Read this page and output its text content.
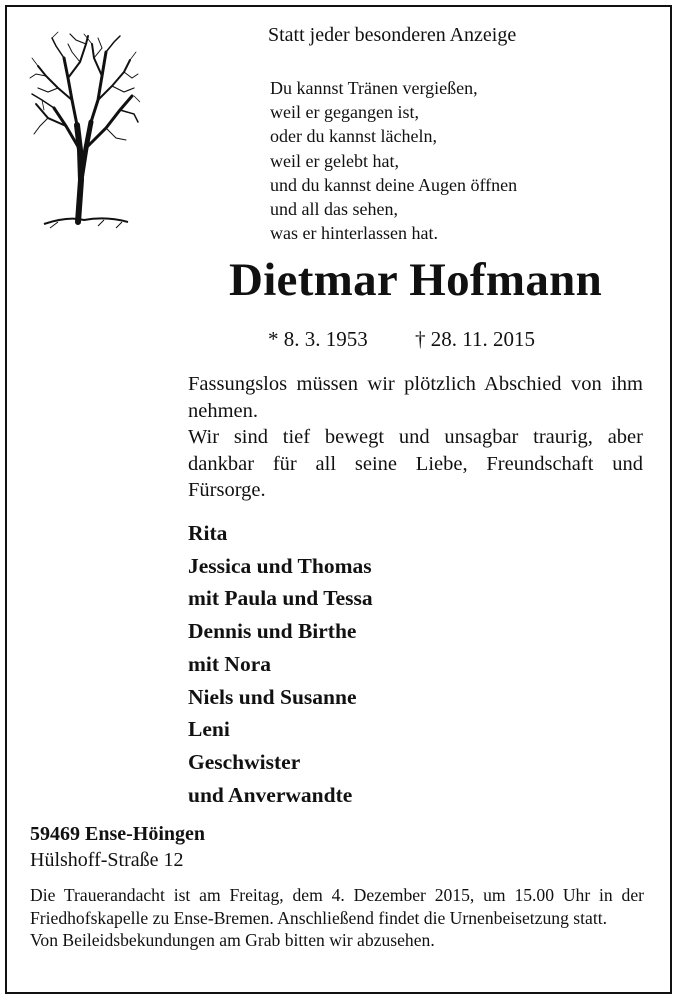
Statt jeder besonderen Anzeige
Du kannst Tränen vergießen,
weil er gegangen ist,
oder du kannst lächeln,
weil er gelebt hat,
und du kannst deine Augen öffnen
und all das sehen,
was er hinterlassen hat.
Dietmar Hofmann
* 8. 3. 1953 † 28. 11. 2015

Fassungslos müssen wir plötzlich Abschied von ihm nehmen.

Wir sind tief bewegt und unsagbar traurig, aber dankbar für all seine Liebe, Freundschaft und Fürsorge.

Rita
Jessica und Thomas
mit Paula und Tessa
Dennis und Birthe
mit Nora
Niels und Susanne
Leni
Geschwister
und Anverwandte
59469 Ense-Höingen
Hülshoff-Straße 12

Die Trauerandacht ist am Freitag, dem 4. Dezember 2015, um 15.00 Uhr in der Friedhofskapelle zu Ense-Bremen. Anschließend findet die Urnenbeisetzung statt.

Von Beileidsbekundungen am Grab bitten wir abzusehen.
